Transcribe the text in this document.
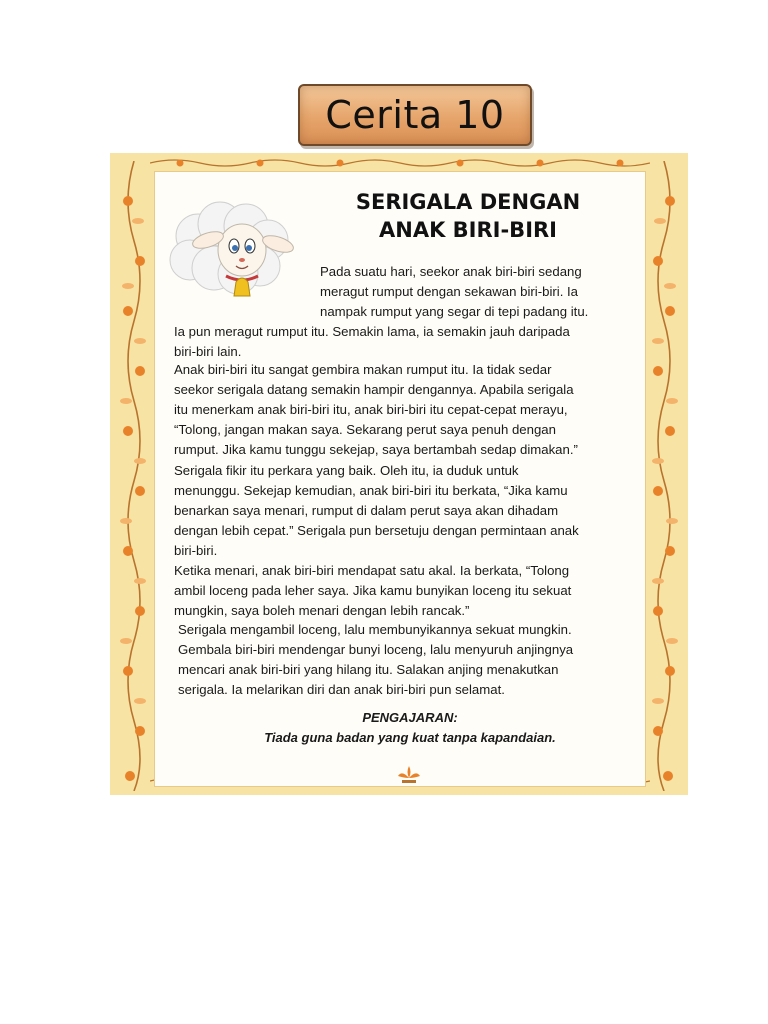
Cerita 10
SERIGALA DENGAN
ANAK BIRI-BIRI
Pada suatu hari, seekor anak biri-biri sedang
meragut rumput dengan sekawan biri-biri. Ia
nampak rumput yang segar di tepi padang itu.
Ia pun meragut rumput itu. Semakin lama, ia semakin jauh daripada
biri-biri lain.
Anak biri-biri itu sangat gembira makan rumput itu. Ia tidak sedar
seekor serigala datang semakin hampir dengannya. Apabila serigala
itu menerkam anak biri-biri itu, anak biri-biri itu cepat-cepat merayu,
“Tolong, jangan makan saya. Sekarang perut saya penuh dengan
rumput. Jika kamu tunggu sekejap, saya bertambah sedap dimakan.”
Serigala fikir itu perkara yang baik. Oleh itu, ia duduk untuk
menunggu. Sekejap kemudian, anak biri-biri itu berkata, “Jika kamu
benarkan saya menari, rumput di dalam perut saya akan dihadam
dengan lebih cepat.” Serigala pun bersetuju dengan permintaan anak
biri-biri.
Ketika menari, anak biri-biri mendapat satu akal. Ia berkata, “Tolong
ambil loceng pada leher saya. Jika kamu bunyikan loceng itu sekuat
mungkin, saya boleh menari dengan lebih rancak.”
Serigala mengambil loceng, lalu membunyikannya sekuat mungkin.
Gembala biri-biri mendengar bunyi loceng, lalu menyuruh anjingnya
mencari anak biri-biri yang hilang itu. Salakan anjing menakutkan
serigala. Ia melarikan diri dan anak biri-biri pun selamat.
PENGAJARAN:
Tiada guna badan yang kuat tanpa kapandaian.
